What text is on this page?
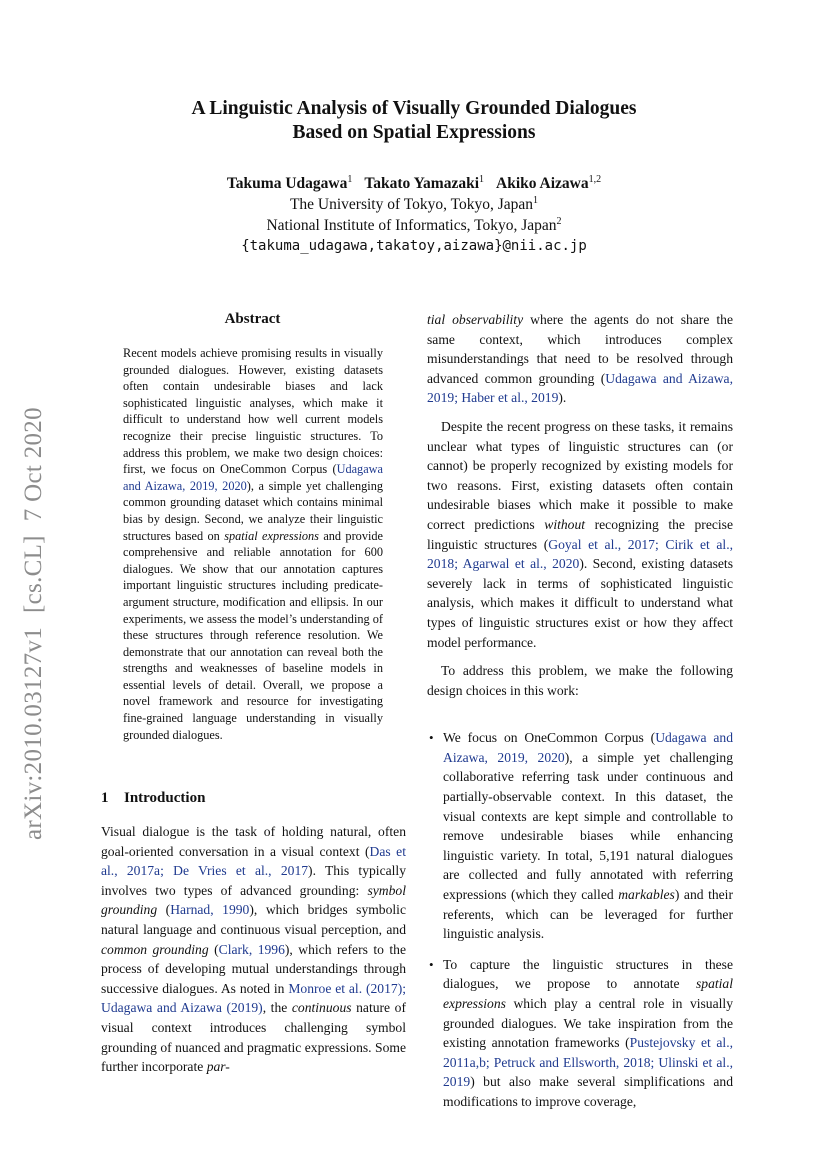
arXiv:2010.03127v1[cs.CL]7 Oct 2020
A Linguistic Analysis of Visually Grounded Dialogues
Based on Spatial Expressions
Takuma Udagawa$^1$ Takato Yamazaki$^1$ Akiko Aizawa$^{1,2}$
The University of Tokyo, Tokyo, Japan$^1$
National Institute of Informatics, Tokyo, Japan$^2$
{takuma_udagawa,takatoy,aizawa}@nii.ac.jp
Abstract
Recent models achieve promising results in visually grounded dialogues. However, existing datasets often contain undesirable biases and lack sophisticated linguistic analyses, which make it difficult to understand how well current models recognize their precise linguistic structures. To address this problem, we make two design choices: first, we focus on OneCommon Corpus (Udagawa and Aizawa, 2019, 2020), a simple yet challenging common grounding dataset which contains minimal bias by design. Second, we analyze their linguistic structures based on spatial expressions and provide comprehensive and reliable annotation for 600 dialogues. We show that our annotation captures important linguistic structures including predicate-argument structure, modification and ellipsis. In our experiments, we assess the model’s understanding of these structures through reference resolution. We demonstrate that our annotation can reveal both the strengths and weaknesses of baseline models in essential levels of detail. Overall, we propose a novel framework and resource for investigating fine-grained language understanding in visually grounded dialogues.
1 Introduction

Visual dialogue is the task of holding natural, often goal-oriented conversation in a visual context (Das et al., 2017a; De Vries et al., 2017). This typically involves two types of advanced grounding: symbol grounding (Harnad, 1990), which bridges symbolic natural language and continuous visual perception, and common grounding (Clark, 1996), which refers to the process of developing mutual understandings through successive dialogues. As noted in Monroe et al. (2017); Udagawa and Aizawa (2019), the continuous nature of visual context introduces challenging symbol grounding of nuanced and pragmatic expressions. Some further incorporate par-

tial observability where the agents do not share the same context, which introduces complex misunderstandings that need to be resolved through advanced common grounding (Udagawa and Aizawa, 2019; Haber et al., 2019).

Despite the recent progress on these tasks, it remains unclear what types of linguistic structures can (or cannot) be properly recognized by existing models for two reasons. First, existing datasets often contain undesirable biases which make it possible to make correct predictions without recognizing the precise linguistic structures (Goyal et al., 2017; Cirik et al., 2018; Agarwal et al., 2020). Second, existing datasets severely lack in terms of sophisticated linguistic analysis, which makes it difficult to understand what types of linguistic structures exist or how they affect model performance.

To address this problem, we make the following design choices in this work:

• We focus on OneCommon Corpus (Udagawa and Aizawa, 2019, 2020), a simple yet challenging collaborative referring task under continuous and partially-observable context. In this dataset, the visual contexts are kept simple and controllable to remove undesirable biases while enhancing linguistic variety. In total, 5,191 natural dialogues are collected and fully annotated with referring expressions (which they called markables) and their referents, which can be leveraged for further linguistic analysis.
• To capture the linguistic structures in these dialogues, we propose to annotate spatial expressions which play a central role in visually grounded dialogues. We take inspiration from the existing annotation frameworks (Pustejovsky et al., 2011a,b; Petruck and Ellsworth, 2018; Ulinski et al., 2019) but also make several simplifications and modifications to improve coverage,
